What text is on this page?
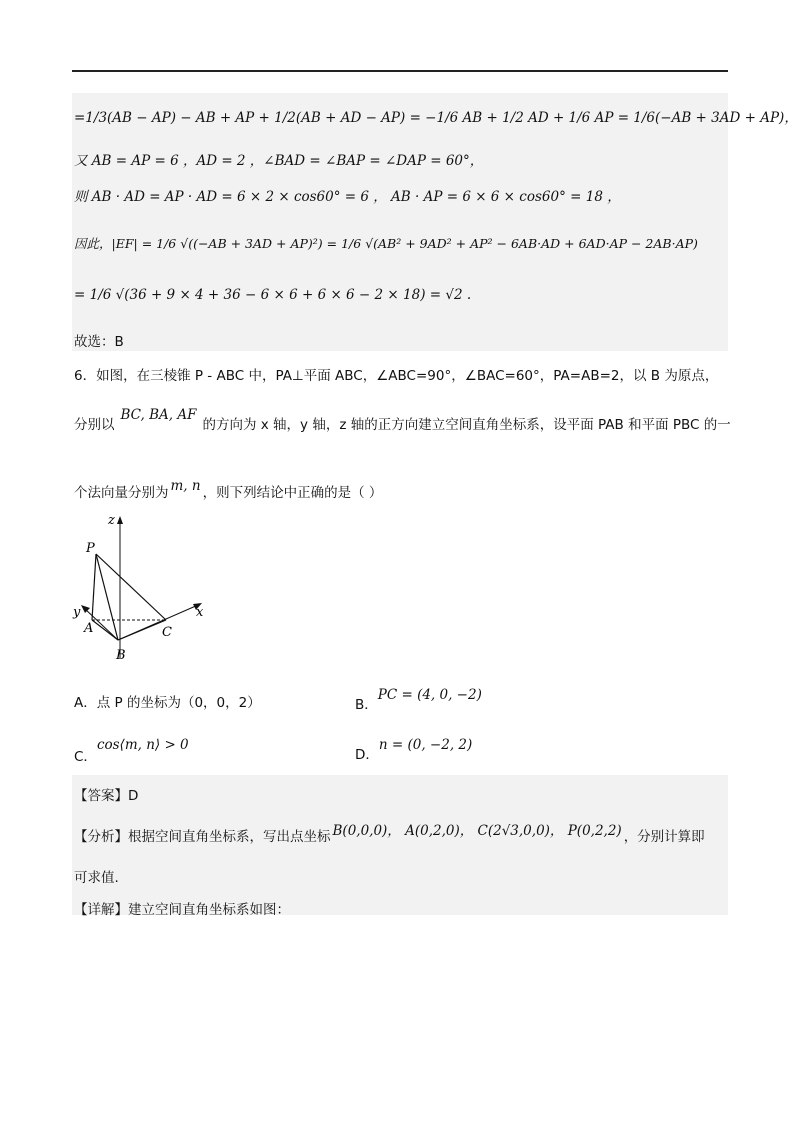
=1/3(AB − AP) − AB + AP + 1/2(AB + AD − AP) = −1/6 AB + 1/2 AD + 1/6 AP = 1/6(−AB + 3AD + AP)，
又 AB = AP = 6 ，AD = 2 ，∠BAD = ∠BAP = ∠DAP = 60°，
则 AB · AD = AP · AD = 6 × 2 × cos60° = 6 ， AB · AP = 6 × 6 × cos60° = 18 ，
因此，|EF| = 1/6 √((−AB + 3AD + AP)²) = 1/6 √(AB² + 9AD² + AP² − 6AB·AD + 6AD·AP − 2AB·AP)
= 1/6 √(36 + 9 × 4 + 36 − 6 × 6 + 6 × 6 − 2 × 18) = √2 .
故选：B
6．如图，在三棱锥 P - ABC 中，PA⊥平面 ABC，∠ABC=90°，∠BAC=60°，PA=AB=2，以 B 为原点，
分别以BC, BA, AF的方向为 x 轴，y 轴，z 轴的正方向建立空间直角坐标系，设平面 PAB 和平面 PBC 的一
个法向量分别为 m, n ，则下列结论中正确的是（ ）
z
P
y
A	C
x
B
A．点 P 的坐标为（0，0，2）	B．PC = (4, 0, −2)
C．cos⟨m, n⟩ > 0
D．n = (0, −2, 2)
【答案】D
【分析】根据空间直角坐标系，写出点坐标 B(0,0,0)， A(0,2,0)， C(2√3,0,0)， P(0,2,2) ，分别计算即
可求值.
【详解】建立空间直角坐标系如图：
